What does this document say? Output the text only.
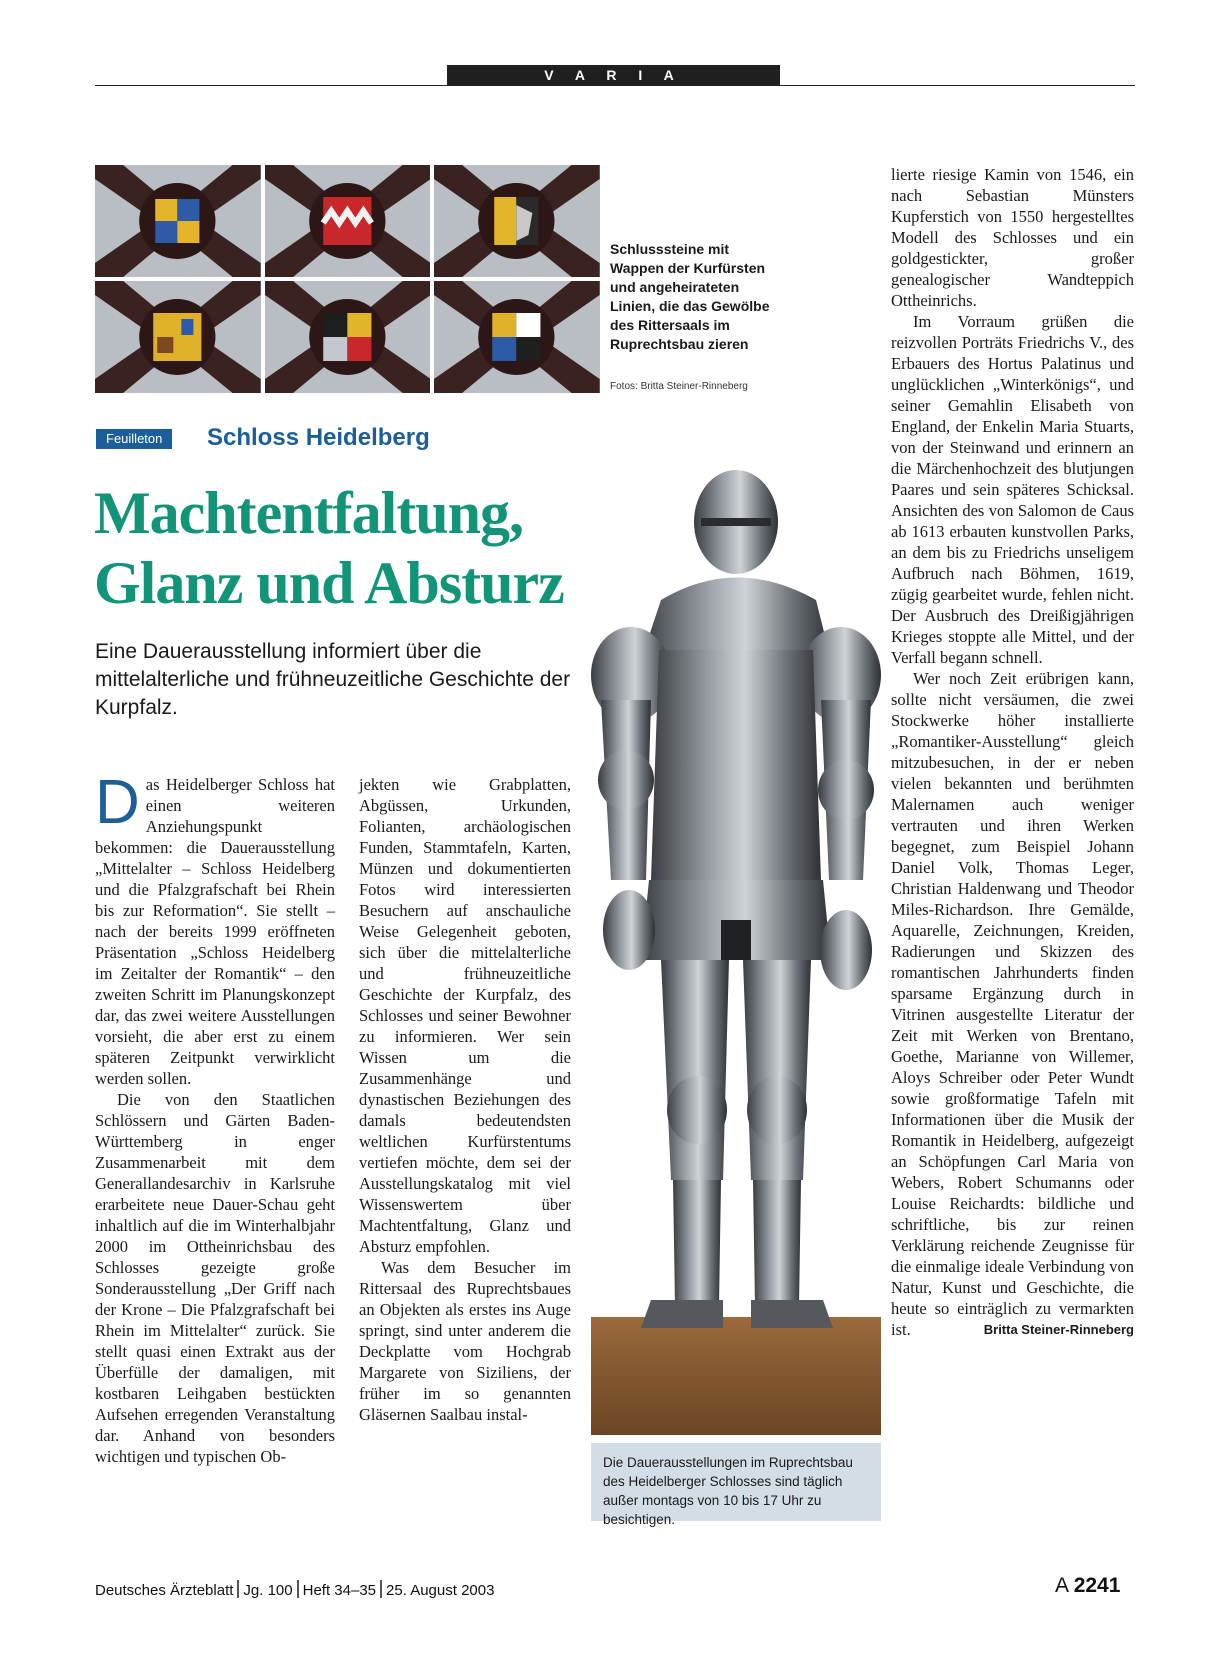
V A R I A
Schlusssteine mit Wappen der Kurfürsten und angeheirateten Linien, die das Gewölbe des Rittersaals im Ruprechtsbau zieren
Fotos: Britta Steiner-Rinneberg
Feuilleton	Schloss Heidelberg
Machtentfaltung,
Glanz und Absturz
Eine Dauerausstellung informiert über die mittelalterliche und frühneuzeitliche Geschichte der Kurpfalz.

Das Heidelberger Schloss hat einen weiteren Anziehungspunkt bekommen: die Dauerausstellung „Mittelalter – Schloss Heidelberg und die Pfalzgrafschaft bei Rhein bis zur Reformation“. Sie stellt – nach der bereits 1999 eröffneten Präsentation „Schloss Heidelberg im Zeitalter der Romantik“ – den zweiten Schritt im Planungskonzept dar, das zwei weitere Ausstellungen vorsieht, die aber erst zu einem späteren Zeitpunkt verwirklicht werden sollen.

Die von den Staatlichen Schlössern und Gärten Baden-Württemberg in enger Zusammenarbeit mit dem Generallandesarchiv in Karlsruhe erarbeitete neue Dauer-Schau geht inhaltlich auf die im Winterhalbjahr 2000 im Ottheinrichsbau des Schlosses gezeigte große Sonderausstellung „Der Griff nach der Krone – Die Pfalzgrafschaft bei Rhein im Mittelalter“ zurück. Sie stellt quasi einen Extrakt aus der Überfülle der damaligen, mit kostbaren Leihgaben bestückten Aufsehen erregenden Veranstaltung dar. Anhand von besonders wichtigen und typischen Ob-

jekten wie Grabplatten, Abgüssen, Urkunden, Folianten, archäologischen Funden, Stammtafeln, Karten, Münzen und dokumentierten Fotos wird interessierten Besuchern auf anschauliche Weise Gelegenheit geboten, sich über die mittelalterliche und frühneuzeitliche Geschichte der Kurpfalz, des Schlosses und seiner Bewohner zu informieren. Wer sein Wissen um die Zusammenhänge und dynastischen Beziehungen des damals bedeutendsten weltlichen Kurfürstentums vertiefen möchte, dem sei der Ausstellungskatalog mit viel Wissenswertem über Machtentfaltung, Glanz und Absturz empfohlen.

Was dem Besucher im Rittersaal des Ruprechtsbaues an Objekten als erstes ins Auge springt, sind unter anderem die Deckplatte vom Hochgrab Margarete von Siziliens, der früher im so genannten Gläsernen Saalbau instal-

Die Dauerausstellungen im Ruprechtsbau des Heidelberger Schlosses sind täglich außer montags von 10 bis 17 Uhr zu besichtigen.

lierte riesige Kamin von 1546, ein nach Sebastian Münsters Kupferstich von 1550 hergestelltes Modell des Schlosses und ein goldgestickter, großer genealogischer Wandteppich Ottheinrichs.

Im Vorraum grüßen die reizvollen Porträts Friedrichs V., des Erbauers des Hortus Palatinus und unglücklichen „Winterkönigs“, und seiner Gemahlin Elisabeth von England, der Enkelin Maria Stuarts, von der Steinwand und erinnern an die Märchenhochzeit des blutjungen Paares und sein späteres Schicksal. Ansichten des von Salomon de Caus ab 1613 erbauten kunstvollen Parks, an dem bis zu Friedrichs unseligem Aufbruch nach Böhmen, 1619, zügig gearbeitet wurde, fehlen nicht. Der Ausbruch des Dreißigjährigen Krieges stoppte alle Mittel, und der Verfall begann schnell.

Wer noch Zeit erübrigen kann, sollte nicht versäumen, die zwei Stockwerke höher installierte „Romantiker-Ausstellung“ gleich mitzubesuchen, in der er neben vielen bekannten und berühmten Malernamen auch weniger vertrauten und ihren Werken begegnet, zum Beispiel Johann Daniel Volk, Thomas Leger, Christian Haldenwang und Theodor Miles-Richardson. Ihre Gemälde, Aquarelle, Zeichnungen, Kreiden, Radierungen und Skizzen des romantischen Jahrhunderts finden sparsame Ergänzung durch in Vitrinen ausgestellte Literatur der Zeit mit Werken von Brentano, Goethe, Marianne von Willemer, Aloys Schreiber oder Peter Wundt sowie großformatige Tafeln mit Informationen über die Musik der Romantik in Heidelberg, aufgezeigt an Schöpfungen Carl Maria von Webers, Robert Schumanns oder Louise Reichardts: bildliche und schriftliche, bis zur reinen Verklärung reichende Zeugnisse für die einmalige ideale Verbindung von Natur, Kunst und Geschichte, die heute so einträglich zu vermarkten ist.	Britta Steiner-Rinneberg

Deutsches Ärzteblatt Jg. 100 Heft 34–35 25. August 2003	A 2241
